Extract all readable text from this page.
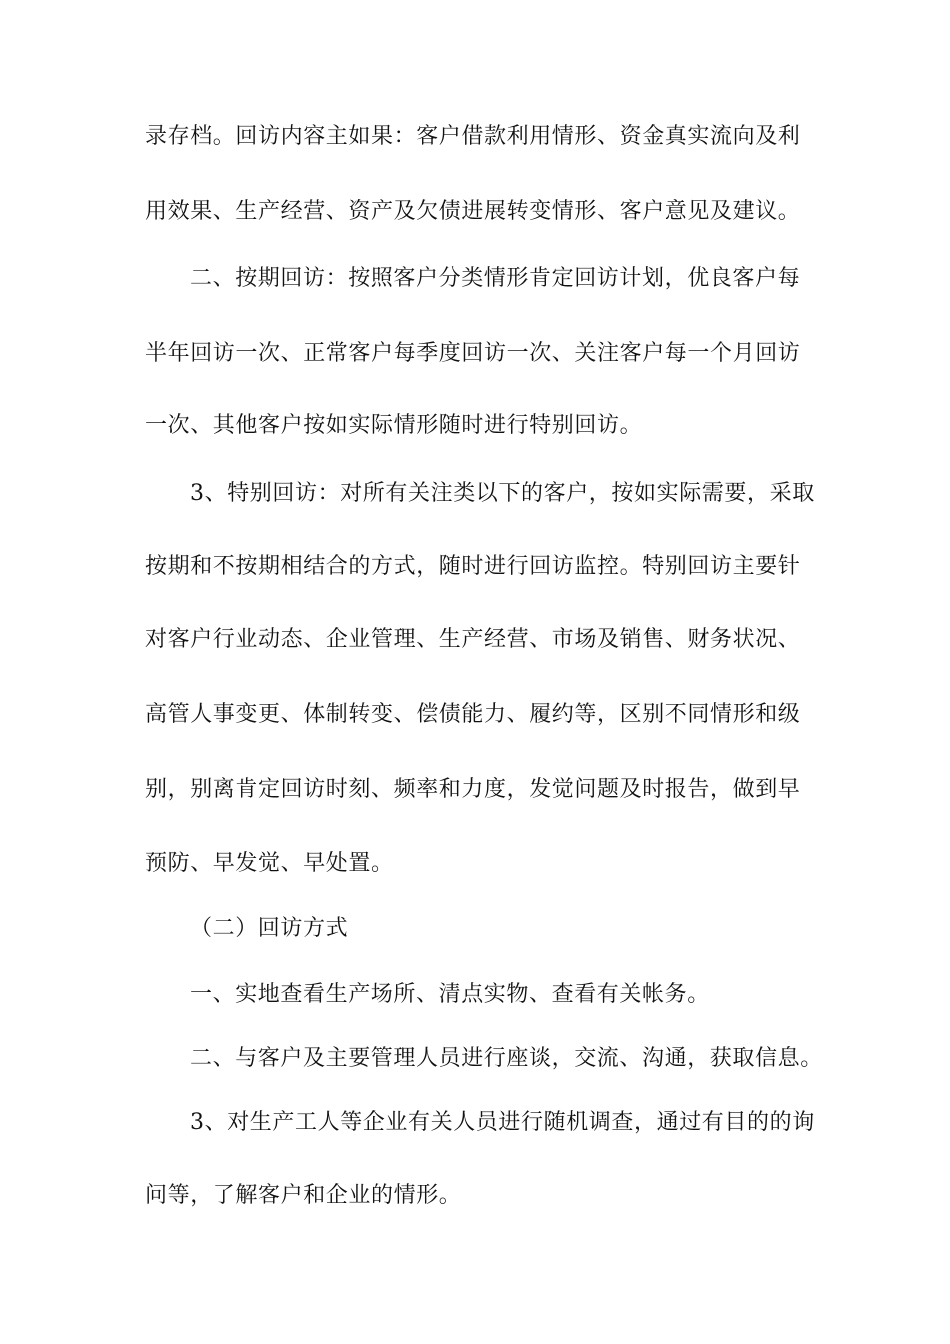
录存档。回访内容主如果：客户借款利用情形、资金真实流向及利
用效果、生产经营、资产及欠债进展转变情形、客户意见及建议。
二、按期回访：按照客户分类情形肯定回访计划，优良客户每
半年回访一次、正常客户每季度回访一次、关注客户每一个月回访
一次、其他客户按如实际情形随时进行特别回访。
3、特别回访：对所有关注类以下的客户，按如实际需要，采取
按期和不按期相结合的方式，随时进行回访监控。特别回访主要针
对客户行业动态、企业管理、生产经营、市场及销售、财务状况、
高管人事变更、体制转变、偿债能力、履约等，区别不同情形和级
别，别离肯定回访时刻、频率和力度，发觉问题及时报告，做到早
预防、早发觉、早处置。
（二）回访方式
一、实地查看生产场所、清点实物、查看有关帐务。
二、与客户及主要管理人员进行座谈，交流、沟通，获取信息。
3、对生产工人等企业有关人员进行随机调查，通过有目的的询
问等，了解客户和企业的情形。
